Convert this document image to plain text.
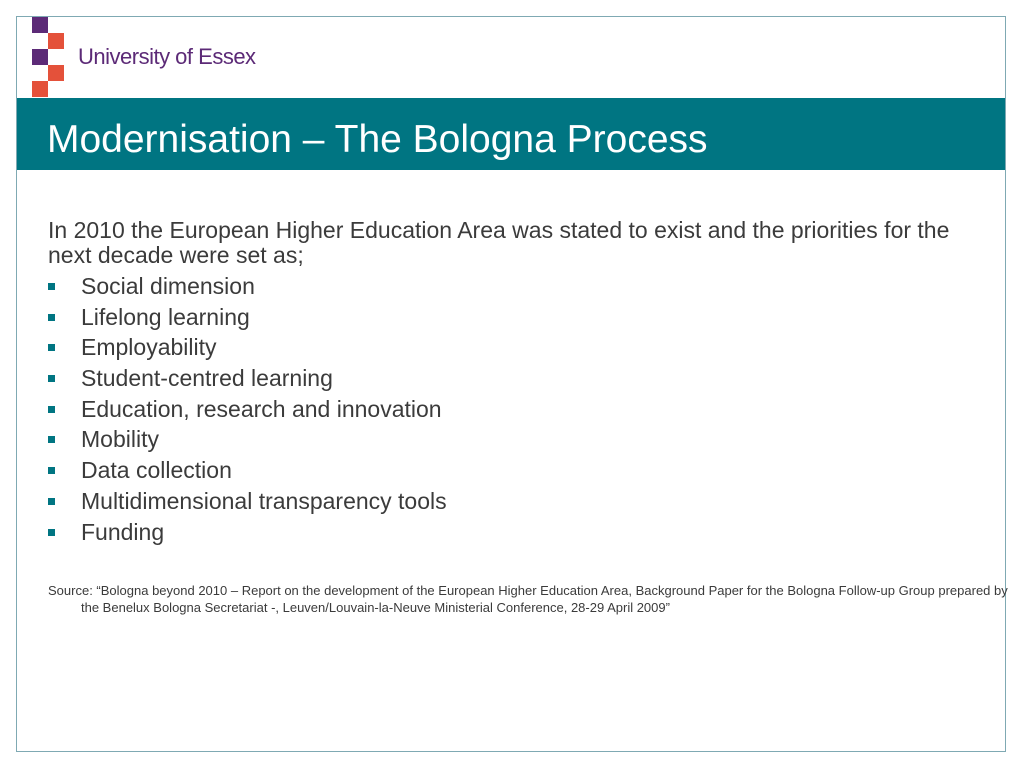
University of Essex
Modernisation – The Bologna Process

In 2010 the European Higher Education Area was stated to exist and the priorities for the next decade were set as;

Social dimension
Lifelong learning
Employability
Student-centred learning
Education, research and innovation
Mobility
Data collection
Multidimensional transparency tools
Funding

Source: “Bologna beyond 2010 – Report on the development of the European Higher Education Area, Background Paper for the Bologna Follow-up Group prepared by the Benelux Bologna Secretariat -, Leuven/Louvain-la-Neuve Ministerial Conference, 28-29 April 2009”
